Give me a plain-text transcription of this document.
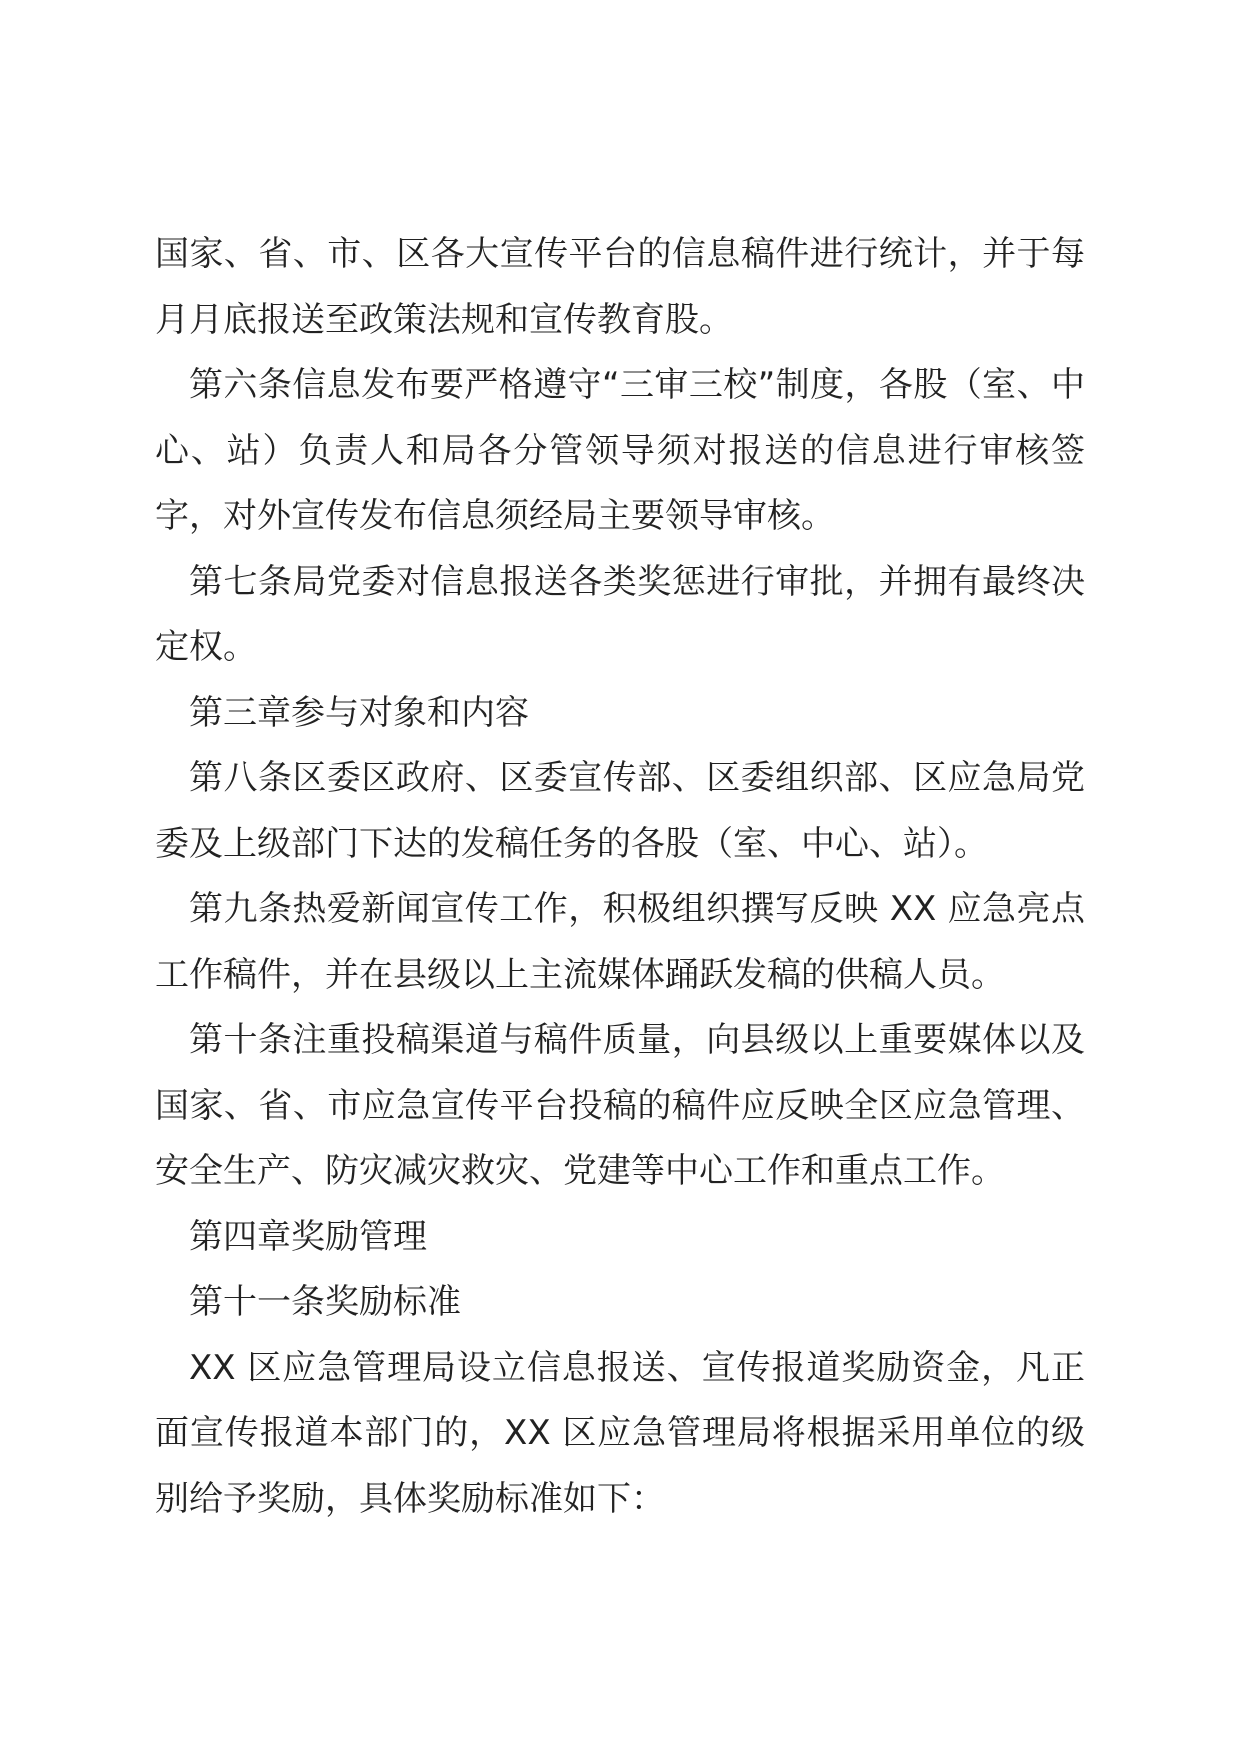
国家、省、市、区各大宣传平台的信息稿件进行统计，并于每月月底报送至政策法规和宣传教育股。

第六条信息发布要严格遵守“三审三校”制度，各股（室、中心、站）负责人和局各分管领导须对报送的信息进行审核签字，对外宣传发布信息须经局主要领导审核。

第七条局党委对信息报送各类奖惩进行审批，并拥有最终决定权。

第三章参与对象和内容

第八条区委区政府、区委宣传部、区委组织部、区应急局党委及上级部门下达的发稿任务的各股（室、中心、站）。

第九条热爱新闻宣传工作，积极组织撰写反映 XX 应急亮点工作稿件，并在县级以上主流媒体踊跃发稿的供稿人员。

第十条注重投稿渠道与稿件质量，向县级以上重要媒体以及国家、省、市应急宣传平台投稿的稿件应反映全区应急管理、安全生产、防灾减灾救灾、党建等中心工作和重点工作。

第四章奖励管理

第十一条奖励标准

XX 区应急管理局设立信息报送、宣传报道奖励资金，凡正面宣传报道本部门的，XX 区应急管理局将根据采用单位的级别给予奖励，具体奖励标准如下：
